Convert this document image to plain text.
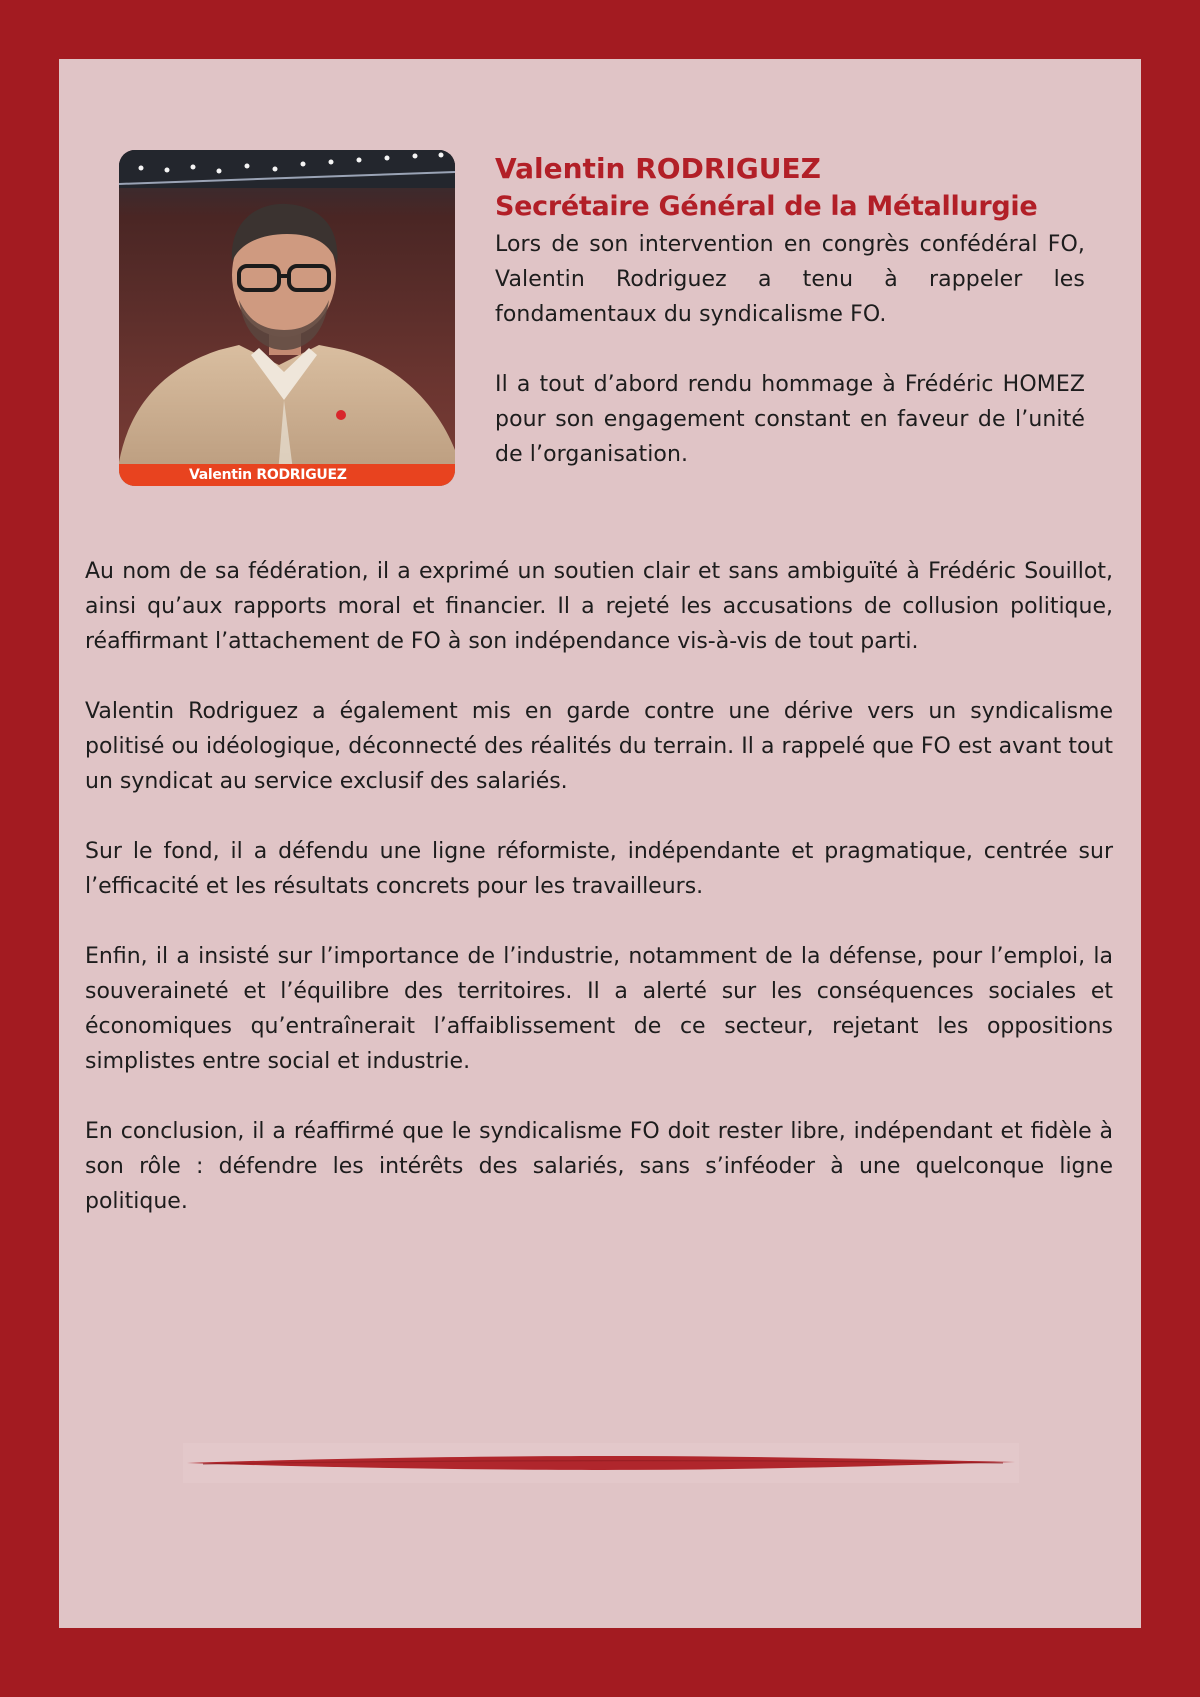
Valentin RODRIGUEZ
Valentin RODRIGUEZ
Secrétaire Général de la Métallurgie

Lors de son intervention en congrès confédéral FO, Valentin Rodriguez a tenu à rappeler les fondamentaux du syndicalisme FO.

Il a tout d’abord rendu hommage à Frédéric HOMEZ pour son engagement constant en faveur de l’unité de l’organisation.

Au nom de sa fédération, il a exprimé un soutien clair et sans ambiguïté à Frédéric Souillot, ainsi qu’aux rapports moral et financier. Il a rejeté les accusations de collusion politique, réaffirmant l’attachement de FO à son indépendance vis-à-vis de tout parti.

Valentin Rodriguez a également mis en garde contre une dérive vers un syndicalisme politisé ou idéologique, déconnecté des réalités du terrain. Il a rappelé que FO est avant tout un syndicat au service exclusif des salariés.

Sur le fond, il a défendu une ligne réformiste, indépendante et pragmatique, centrée sur l’efficacité et les résultats concrets pour les travailleurs.

Enfin, il a insisté sur l’importance de l’industrie, notamment de la défense, pour l’emploi, la souveraineté et l’équilibre des territoires. Il a alerté sur les conséquences sociales et économiques qu’entraînerait l’affaiblissement de ce secteur, rejetant les oppositions simplistes entre social et industrie.

En conclusion, il a réaffirmé que le syndicalisme FO doit rester libre, indépendant et fidèle à son rôle : défendre les intérêts des salariés, sans s’inféoder à une quelconque ligne politique.
